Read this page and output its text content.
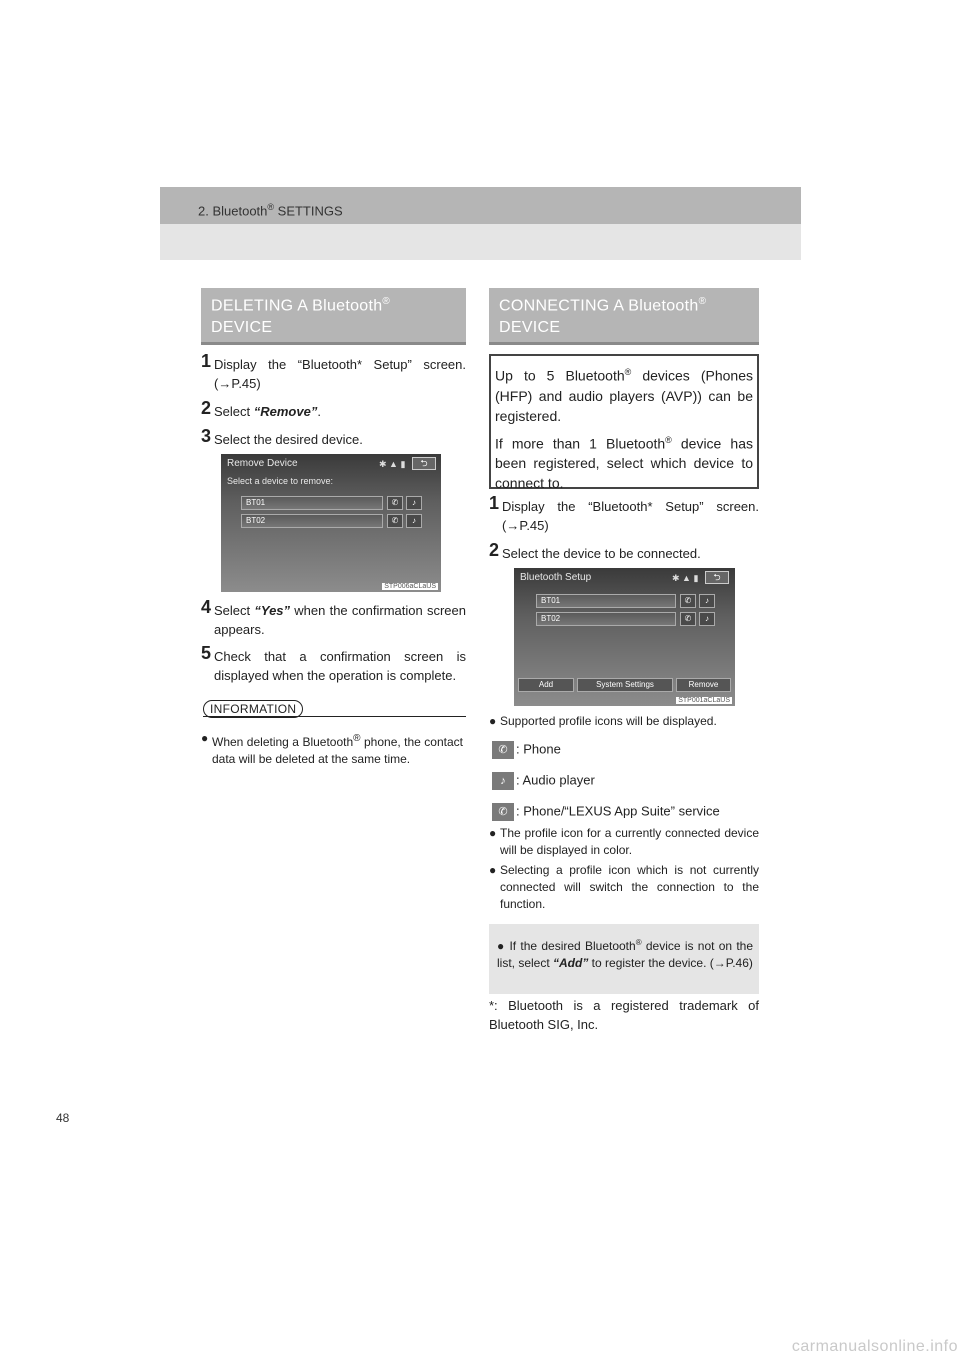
2. Bluetooth® SETTINGS
DELETING A Bluetooth®
DEVICE
1 Display the “Bluetooth* Setup” screen. (→P.45)
2 Select “Remove”.
3 Select the desired device.
Remove Device	✱ ▲ ▮	⮌
Select a device to remove:
BT01	✆	♪
BT02	✆	♪
STP006aCLaUS
4 Select “Yes” when the confirmation screen appears.
5 Check that a confirmation screen is displayed when the operation is complete.
INFORMATION
● When deleting a Bluetooth® phone, the contact data will be deleted at the same time.
CONNECTING A Bluetooth®
DEVICE

Up to 5 Bluetooth® devices (Phones (HFP) and audio players (AVP)) can be registered.

If more than 1 Bluetooth® device has been registered, select which device to connect to.

1 Display the “Bluetooth* Setup” screen. (→P.45)
2 Select the device to be connected.
Bluetooth Setup	✱ ▲ ▮	⮌
BT01	✆	♪
BT02	✆	♪
Add	System Settings	Remove
STP001aCLaUS
● Supported profile icons will be displayed.
✆ : Phone
♪ : Audio player
✆ : Phone/“LEXUS App Suite” service
● The profile icon for a currently connected device will be displayed in color.
● Selecting a profile icon which is not currently connected will switch the connection to the function.
● If the desired Bluetooth® device is not on the list, select “Add” to register the device. (→P.46)
*: Bluetooth is a registered trademark of Bluetooth SIG, Inc.
48
carmanualsonline.info
